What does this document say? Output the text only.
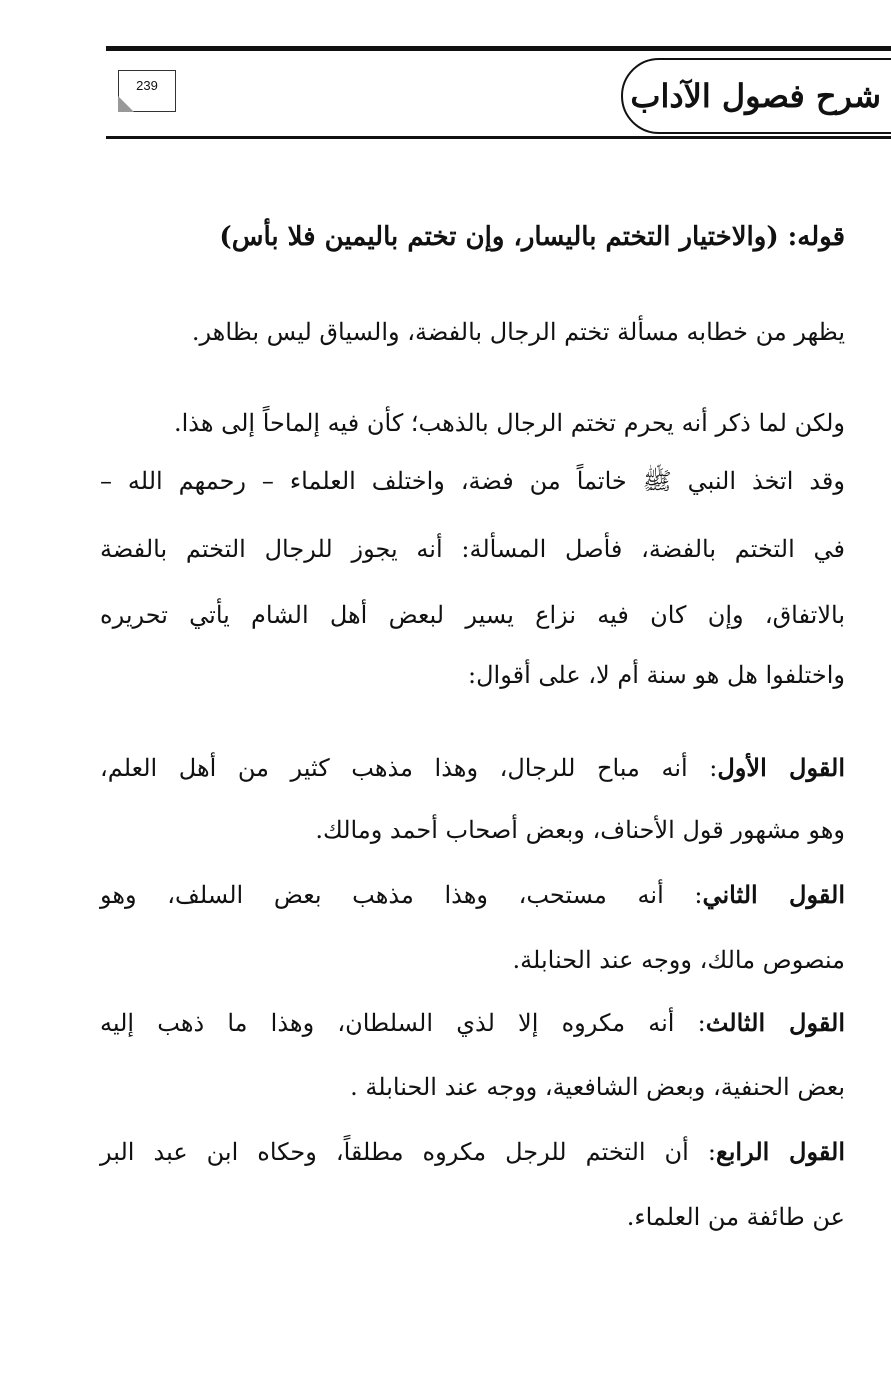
شرح فصول الآداب
239
قوله: (والاختيار التختم باليسار، وإن تختم باليمين فلا بأس)
يظهر من خطابه مسألة تختم الرجال بالفضة، والسياق ليس بظاهر.
ولكن لما ذكر أنه يحرم تختم الرجال بالذهب؛ كأن فيه إلماحاً إلى هذا.
وقد اتخذ النبي ﷺ خاتماً من فضة، واختلف العلماء – رحمهم الله –
في التختم بالفضة، فأصل المسألة: أنه يجوز للرجال التختم بالفضة
بالاتفاق، وإن كان فيه نزاع يسير لبعض أهل الشام يأتي تحريره
واختلفوا هل هو سنة أم لا، على أقوال:
القول الأول: أنه مباح للرجال، وهذا مذهب كثير من أهل العلم،
وهو مشهور قول الأحناف، وبعض أصحاب أحمد ومالك.
القول الثاني: أنه مستحب، وهذا مذهب بعض السلف، وهو
منصوص مالك، ووجه عند الحنابلة.
القول الثالث: أنه مكروه إلا لذي السلطان، وهذا ما ذهب إليه
بعض الحنفية، وبعض الشافعية، ووجه عند الحنابلة .
القول الرابع: أن التختم للرجل مكروه مطلقاً، وحكاه ابن عبد البر
عن طائفة من العلماء.
